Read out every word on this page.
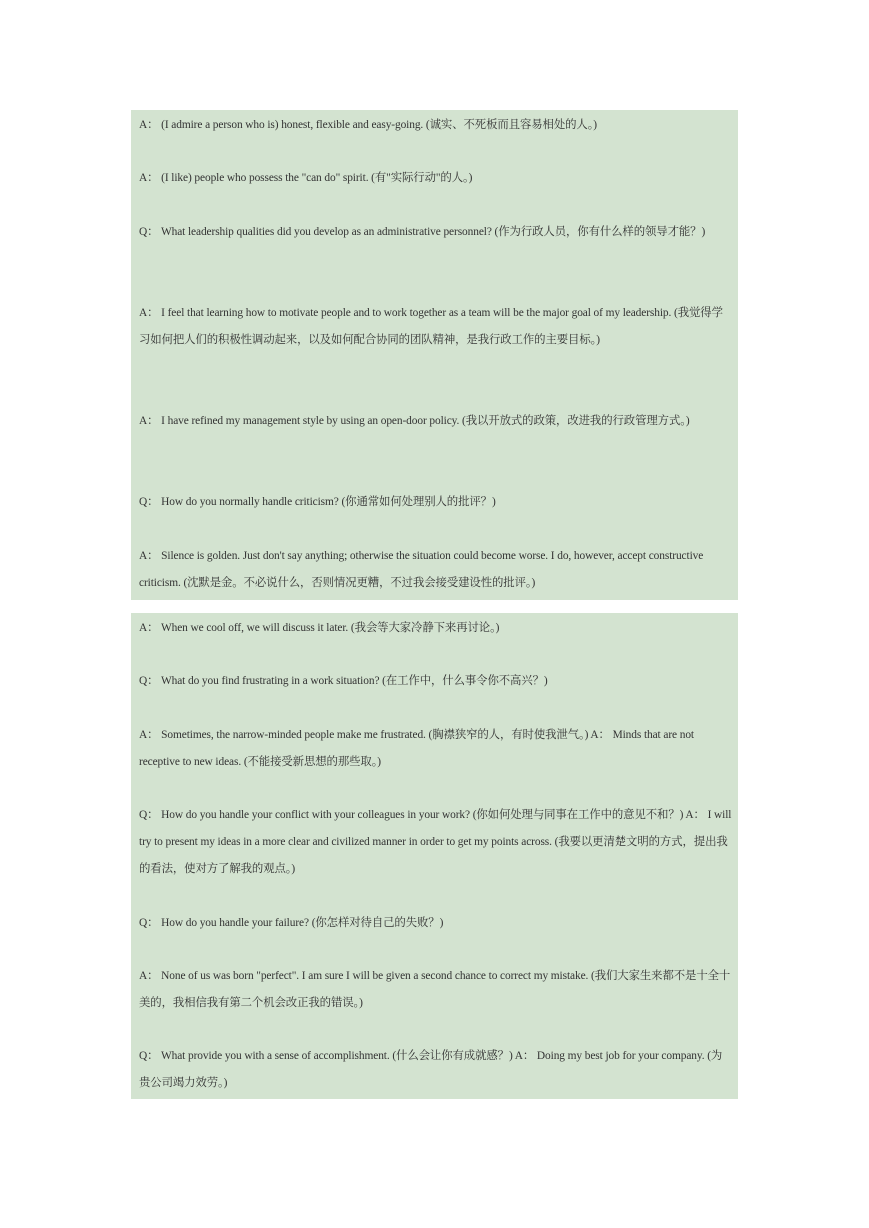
A： (I admire a person who is) honest, flexible and easy-going. (诚实、不死板而且容易相处的人。)

A： (I like) people who possess the "can do" spirit. (有"实际行动"的人。)

Q： What leadership qualities did you develop as an administrative personnel? (作为行政人员，你有什么样的领导才能？)

A： I feel that learning how to motivate people and to work together as a team will be the major goal of my leadership. (我觉得学习如何把人们的积极性调动起来，以及如何配合协同的团队精神，是我行政工作的主要目标。)

A： I have refined my management style by using an open-door policy. (我以开放式的政策，改进我的行政管理方式。)

Q： How do you normally handle criticism? (你通常如何处理别人的批评？)

A： Silence is golden. Just don't say anything; otherwise the situation could become worse. I do, however, accept constructive criticism. (沈默是金。不必说什么，否则情况更糟，不过我会接受建设性的批评。)

A： When we cool off, we will discuss it later. (我会等大家冷静下来再讨论。)

Q： What do you find frustrating in a work situation? (在工作中，什么事令你不高兴？)

A： Sometimes, the narrow-minded people make me frustrated. (胸襟狭窄的人，有时使我泄气。) A： Minds that are not receptive to new ideas. (不能接受新思想的那些取。)

Q： How do you handle your conflict with your colleagues in your work? (你如何处理与同事在工作中的意见不和？) A： I will try to present my ideas in a more clear and civilized manner in order to get my points across. (我要以更清楚文明的方式，提出我的看法，使对方了解我的观点。)

Q： How do you handle your failure? (你怎样对待自己的失败？)

A： None of us was born "perfect". I am sure I will be given a second chance to correct my mistake. (我们大家生来都不是十全十美的，我相信我有第二个机会改正我的错误。)

Q： What provide you with a sense of accomplishment. (什么会让你有成就感？) A： Doing my best job for your company. (为贵公司竭力效劳。)
